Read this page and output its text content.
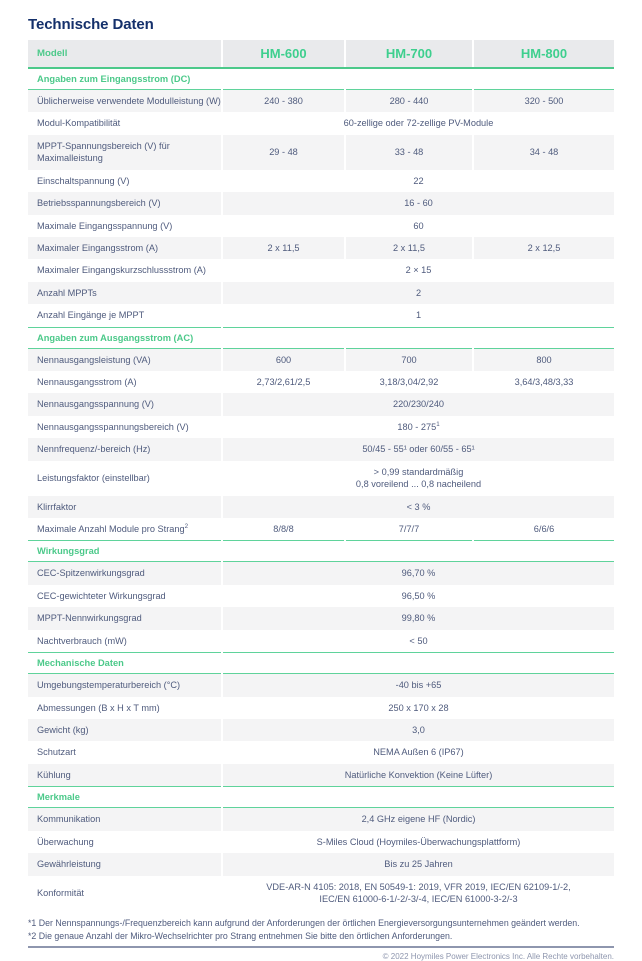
Technische Daten
Modell	HM-600	HM-700	HM-800
Angaben zum Eingangsstrom (DC)			
Üblicherweise verwendete Modulleistung (W)	240 - 380	280 - 440	320 - 500
Modul-Kompatibilität	60-zellige oder 72-zellige PV-Module		
MPPT-Spannungsbereich (V) für Maximalleistung	29 - 48	33 - 48	34 - 48
Einschaltspannung (V)	22		
Betriebsspannungsbereich (V)	16 - 60		
Maximale Eingangsspannung (V)	60		
Maximaler Eingangsstrom (A)	2 x 11,5	2 x 11,5	2 x 12,5
Maximaler Eingangskurzschlussstrom (A)	2 × 15		
Anzahl MPPTs	2		
Anzahl Eingänge je MPPT	1		
Angaben zum Ausgangsstrom (AC)			
Nennausgangsleistung (VA)	600	700	800
Nennausgangsstrom (A)	2,73/2,61/2,5	3,18/3,04/2,92	3,64/3,48/3,33
Nennausgangsspannung (V)	220/230/240		
Nennausgangsspannungsbereich (V)	$180 - 275^1$
Nennfrequenz/-bereich (Hz)	50/45 - 55¹ oder 60/55 - 65¹		
Leistungsfaktor (einstellbar)	> 0,99 standardmäßig
0,8 voreilend ... 0,8 nacheilend		

Klirrfaktor	< 3 %		
Maximale Anzahl Module pro Strang$^2$	8/8/8	7/7/7	6/6/6
Wirkungsgrad			
CEC-Spitzenwirkungsgrad	96,70 %		
CEC-gewichteter Wirkungsgrad	96,50 %		
MPPT-Nennwirkungsgrad	99,80 %		
Nachtverbrauch (mW)	< 50		
Mechanische Daten			
Umgebungstemperaturbereich (°C)	-40 bis +65		
Abmessungen (B x H x T mm)	250 x 170 x 28		
Gewicht (kg)	3,0		
Schutzart	NEMA Außen 6 (IP67)		
Kühlung	Natürliche Konvektion (Keine Lüfter)		
Merkmale			
Kommunikation	2,4 GHz eigene HF (Nordic)		
Überwachung	S-Miles Cloud (Hoymiles-Überwachungsplattform)		
Gewährleistung	Bis zu 25 Jahren		
Konformität	VDE-AR-N 4105: 2018, EN 50549-1: 2019, VFR 2019, IEC/EN 62109-1/-2,
IEC/EN 61000-6-1/-2/-3/-4, IEC/EN 61000-3-2/-3		
*1 Der Nennspannungs-/Frequenzbereich kann aufgrund der Anforderungen der örtlichen Energieversorgungsunternehmen geändert werden.
*2 Die genaue Anzahl der Mikro-Wechselrichter pro Strang entnehmen Sie bitte den örtlichen Anforderungen.
© 2022 Hoymiles Power Electronics Inc. Alle Rechte vorbehalten.
